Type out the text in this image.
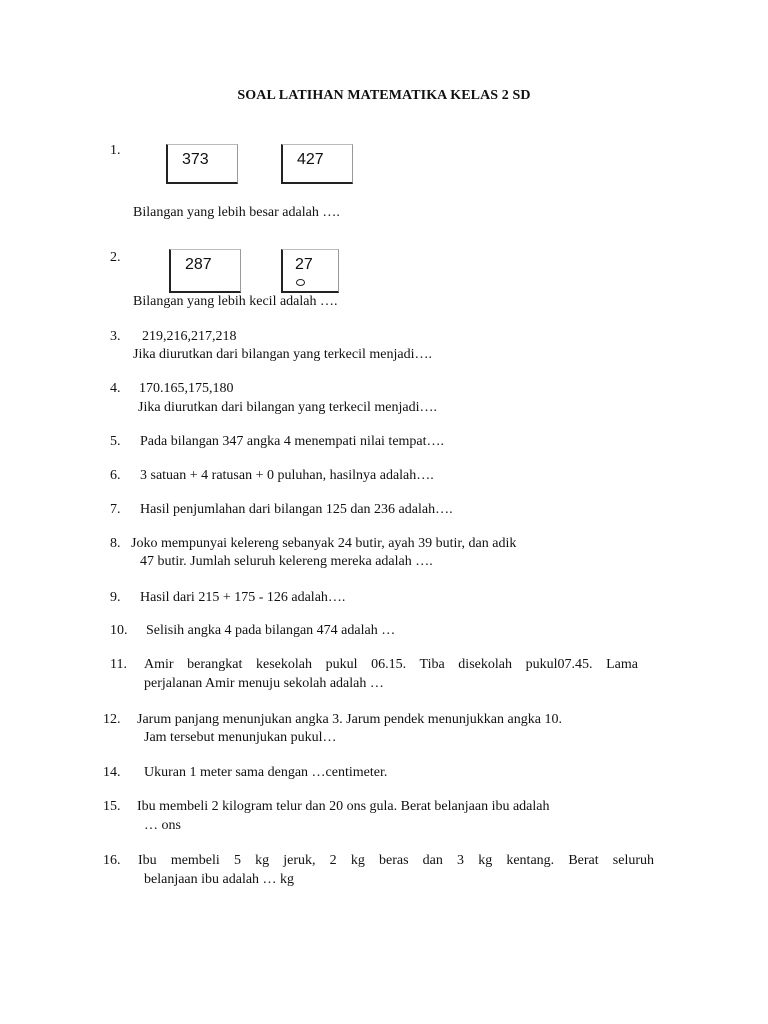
SOAL LATIHAN MATEMATIKA KELAS 2 SD
1.
373	427
Bilangan yang lebih besar adalah ….
2.	287	27
Bilangan yang lebih kecil adalah ….
3. 219,216,217,218
Jika diurutkan dari bilangan yang terkecil menjadi….
4. 170.165,175,180
Jika diurutkan dari bilangan yang terkecil menjadi….
5. Pada bilangan 347 angka 4 menempati nilai tempat….
6. 3 satuan + 4 ratusan + 0 puluhan, hasilnya adalah….
7. Hasil penjumlahan dari bilangan 125 dan 236 adalah….
8. Joko mempunyai kelereng sebanyak 24 butir, ayah 39 butir, dan adik
47 butir. Jumlah seluruh kelereng mereka adalah ….
9. Hasil dari 215 + 175 - 126 adalah….
10. Selisih angka 4 pada bilangan 474 adalah …
11. Amir berangkat kesekolah pukul 06.15. Tiba disekolah pukul07.45. Lama
perjalanan Amir menuju sekolah adalah …
12. Jarum panjang menunjukan angka 3. Jarum pendek menunjukkan angka 10.
Jam tersebut menunjukan pukul…
14. Ukuran 1 meter sama dengan …centimeter.
15. Ibu membeli 2 kilogram telur dan 20 ons gula. Berat belanjaan ibu adalah
… ons
16. Ibu membeli 5 kg jeruk, 2 kg beras dan 3 kg kentang. Berat seluruh
belanjaan ibu adalah … kg
